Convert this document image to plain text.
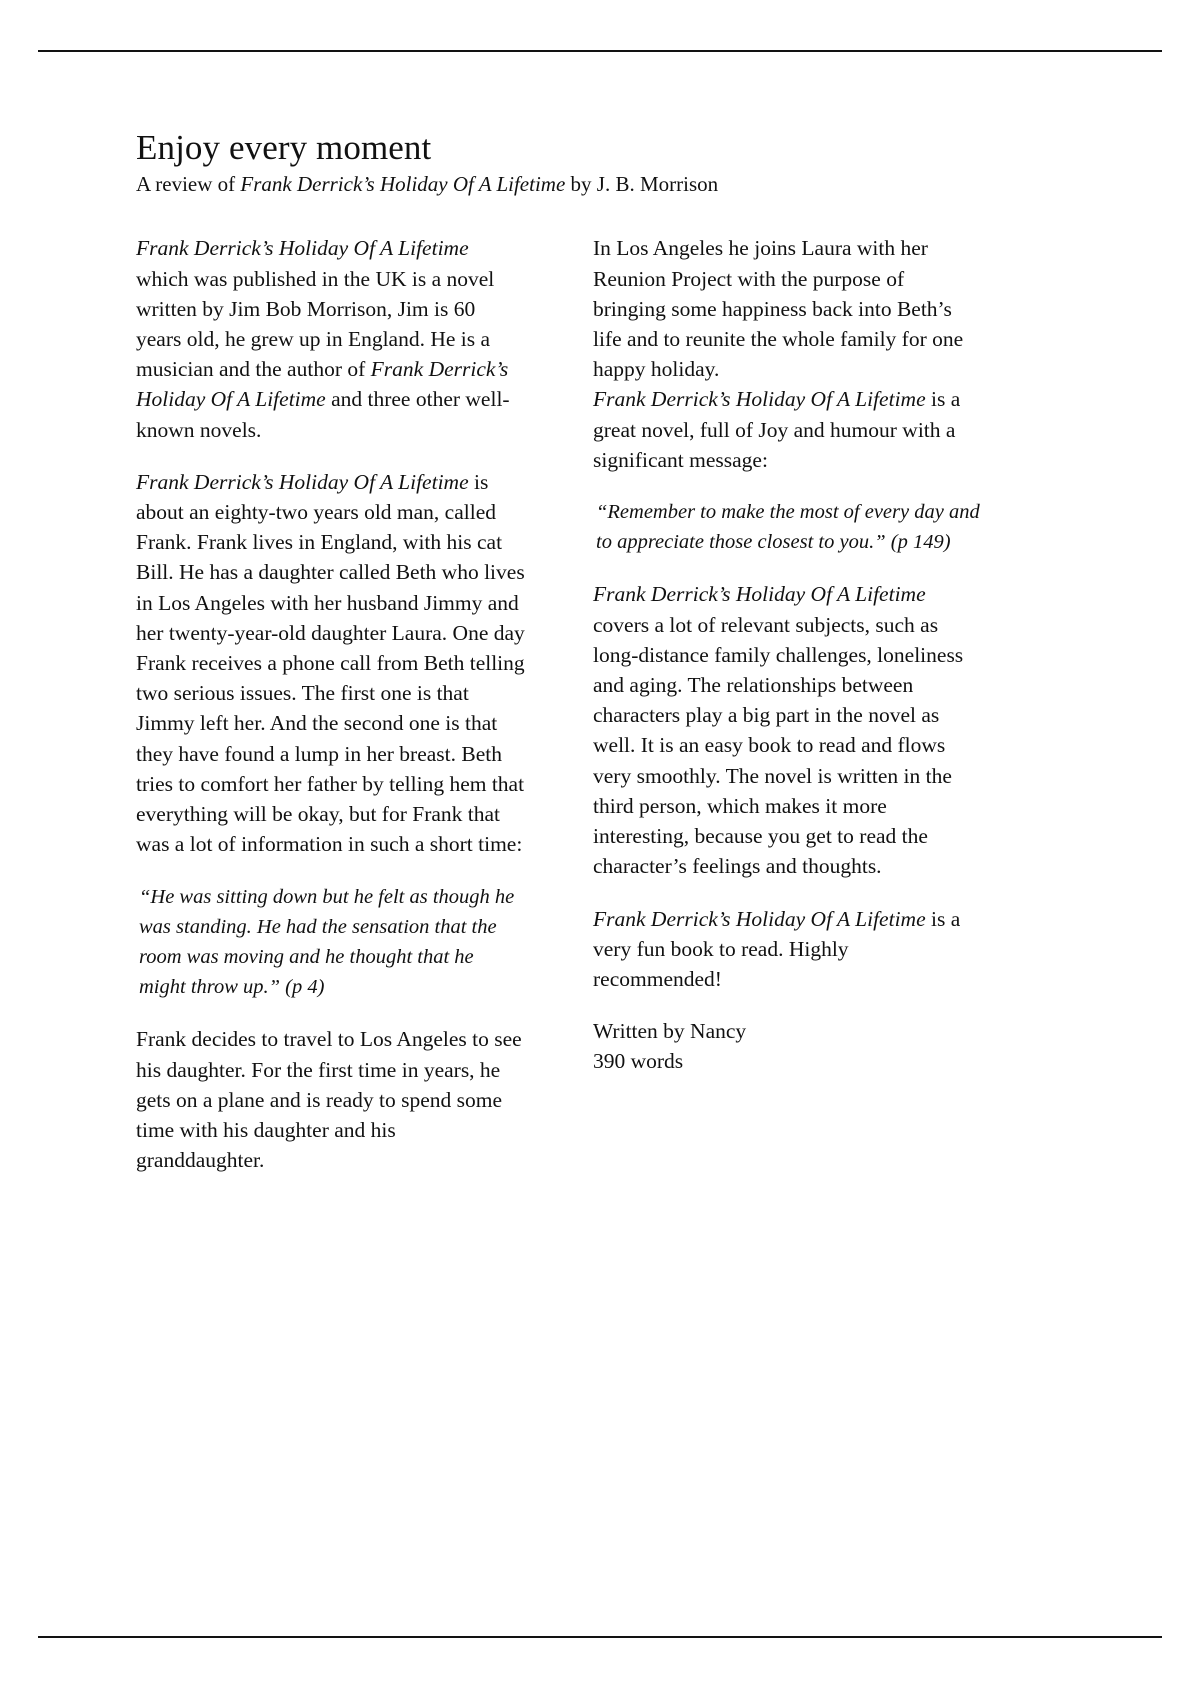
Enjoy every moment

A review of Frank Derrick’s Holiday Of A Lifetime by J. B. Morrison

Frank Derrick’s Holiday Of A Lifetime which was published in the UK is a novel written by Jim Bob Morrison, Jim is 60 years old, he grew up in England. He is a musician and the author of Frank Derrick’s Holiday Of A Lifetime and three other well-known novels.

Frank Derrick’s Holiday Of A Lifetime is about an eighty-two years old man, called Frank. Frank lives in England, with his cat Bill. He has a daughter called Beth who lives in Los Angeles with her husband Jimmy and her twenty-year-old daughter Laura. One day Frank receives a phone call from Beth telling two serious issues. The first one is that Jimmy left her. And the second one is that they have found a lump in her breast. Beth tries to comfort her father by telling hem that everything will be okay, but for Frank that was a lot of information in such a short time:

“He was sitting down but he felt as though he was standing. He had the sensation that the room was moving and he thought that he might throw up.” (p 4)

Frank decides to travel to Los Angeles to see his daughter. For the first time in years, he gets on a plane and is ready to spend some time with his daughter and his granddaughter.

In Los Angeles he joins Laura with her Reunion Project with the purpose of bringing some happiness back into Beth’s life and to reunite the whole family for one happy holiday.

Frank Derrick’s Holiday Of A Lifetime is a great novel, full of Joy and humour with a significant message:

“Remember to make the most of every day and to appreciate those closest to you.” (p 149)

Frank Derrick’s Holiday Of A Lifetime covers a lot of relevant subjects, such as long-distance family challenges, loneliness and aging. The relationships between characters play a big part in the novel as well. It is an easy book to read and flows very smoothly. The novel is written in the third person, which makes it more interesting, because you get to read the character’s feelings and thoughts.

Frank Derrick’s Holiday Of A Lifetime is a very fun book to read. Highly recommended!

Written by Nancy

390 words
